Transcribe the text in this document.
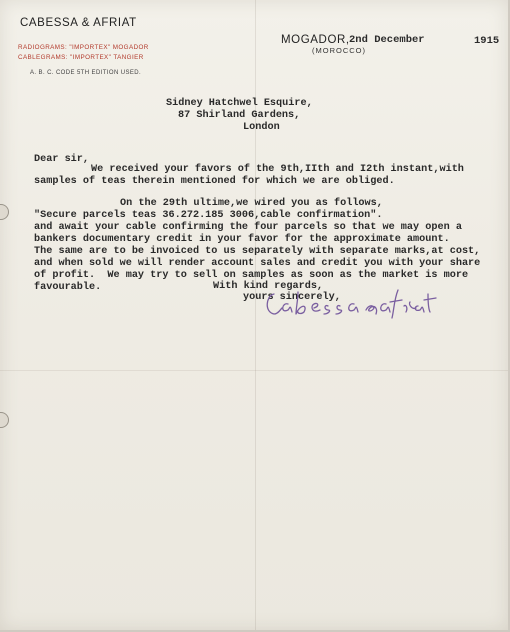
CABESSA & AFRIAT
RADIOGRAMS: "IMPORTEX" MOGADOR
CABLEGRAMS: "IMPORTEX" TANGIER
A. B. C. CODE 5TH EDITION USED.
MOGADOR,
(MOROCCO)
2nd December	1915
Sidney Hatchwel Esquire,
87 Shirland Gardens,
London
Dear sir,
We received your favors of the 9th,IIth and I2th instant,with
samples of teas therein mentioned for which we are obliged.
On the 29th ultime,we wired you as follows,
"Secure parcels teas 36.272.185 3006,cable confirmation".
and await your cable confirming the four parcels so that we may open a
bankers documentary credit in your favor for the approximate amount.
The same are to be invoiced to us separately with separate marks,at cost,
and when sold we will render account sales and credit you with your share
of profit.  We may try to sell on samples as soon as the market is more
favourable.	With kind regards,
yours sincerely,
